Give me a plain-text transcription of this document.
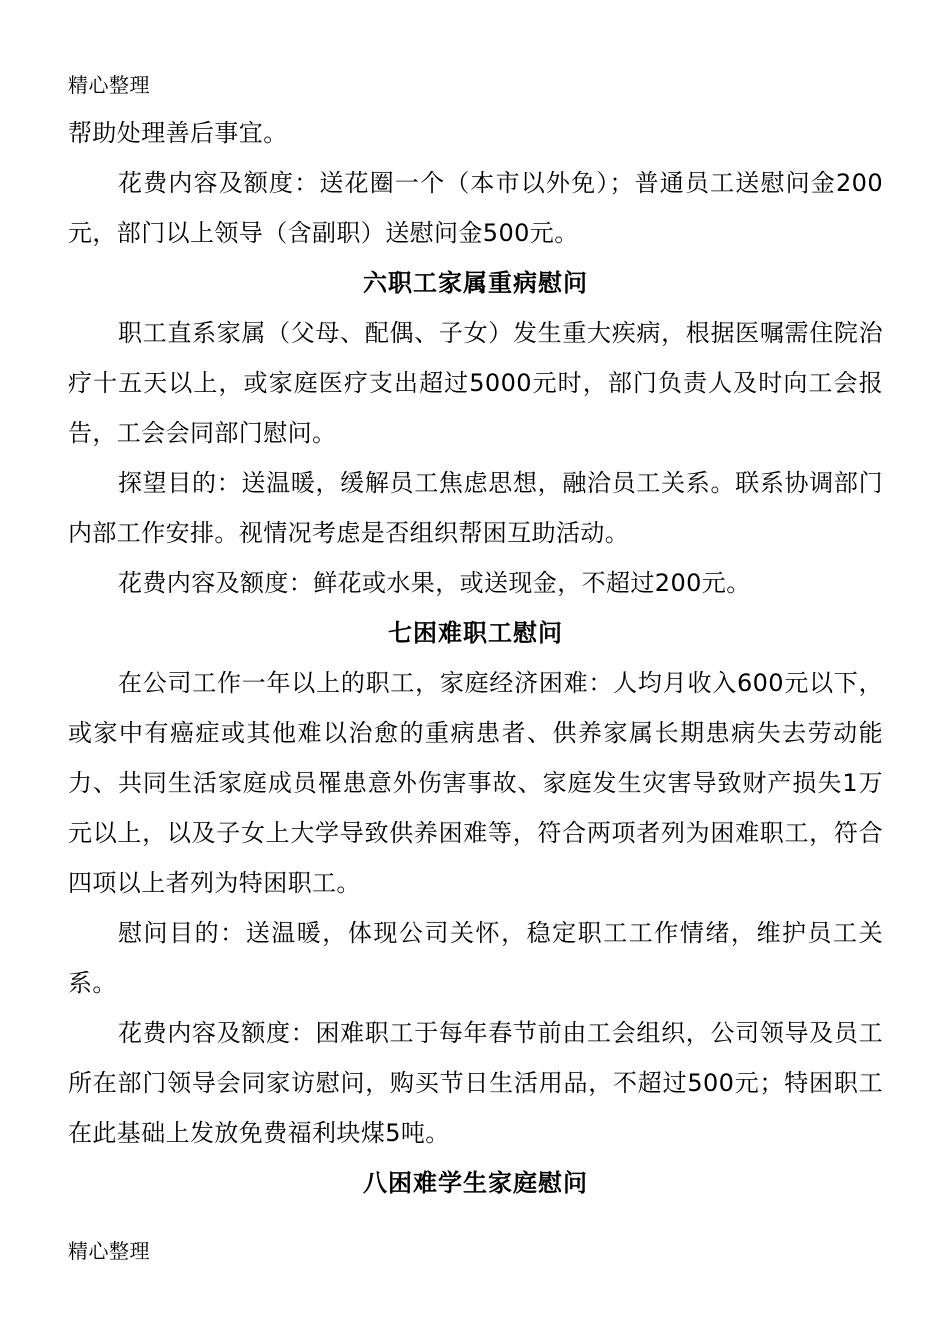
精心整理

帮助处理善后事宜。

花费内容及额度：送花圈一个（本市以外免）；普通员工送慰问金200元，部门以上领导（含副职）送慰问金500元。

六职工家属重病慰问

职工直系家属（父母、配偶、子女）发生重大疾病，根据医嘱需住院治疗十五天以上，或家庭医疗支出超过5000元时，部门负责人及时向工会报告，工会会同部门慰问。

探望目的：送温暖，缓解员工焦虑思想，融洽员工关系。联系协调部门内部工作安排。视情况考虑是否组织帮困互助活动。

花费内容及额度：鲜花或水果，或送现金，不超过200元。

七困难职工慰问

在公司工作一年以上的职工，家庭经济困难：人均月收入600元以下，或家中有癌症或其他难以治愈的重病患者、供养家属长期患病失去劳动能力、共同生活家庭成员罹患意外伤害事故、家庭发生灾害导致财产损失1万元以上，以及子女上大学导致供养困难等，符合两项者列为困难职工，符合四项以上者列为特困职工。

慰问目的：送温暖，体现公司关怀，稳定职工工作情绪，维护员工关系。

花费内容及额度：困难职工于每年春节前由工会组织，公司领导及员工所在部门领导会同家访慰问，购买节日生活用品，不超过500元；特困职工在此基础上发放免费福利块煤5吨。

八困难学生家庭慰问
精心整理
